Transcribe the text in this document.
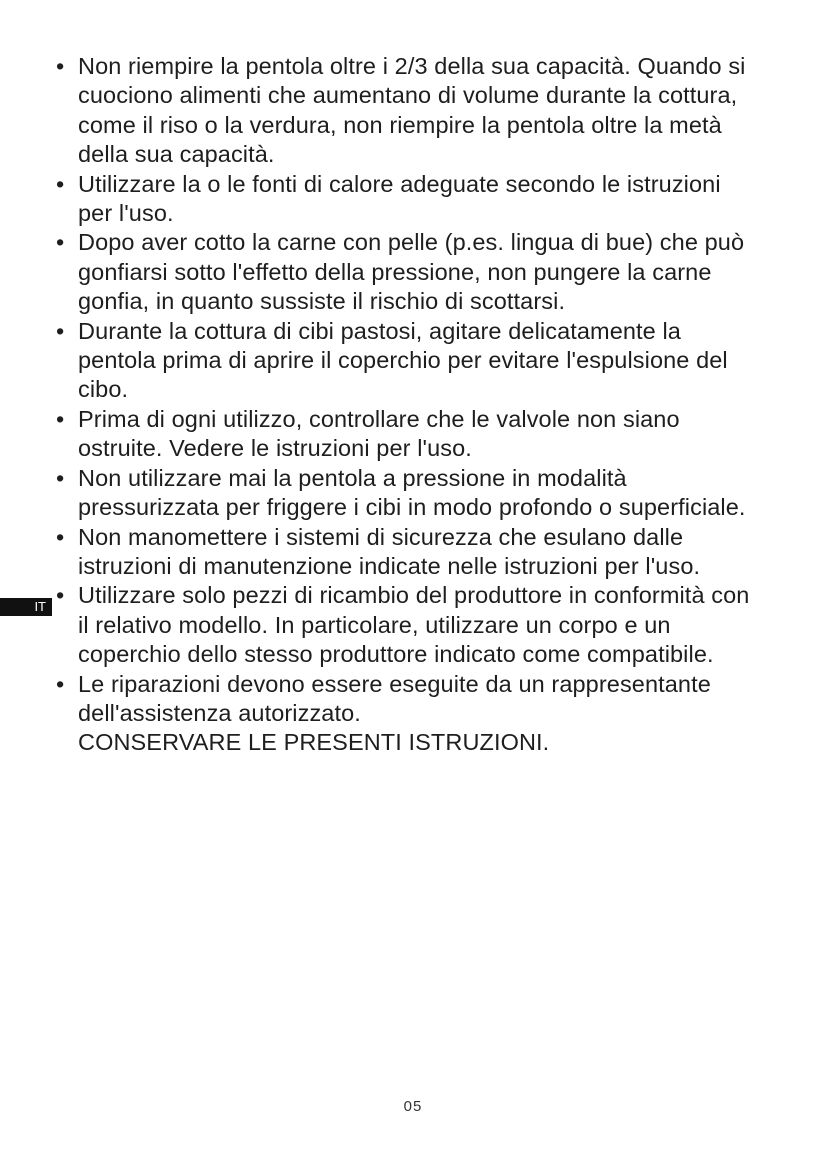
IT
• Non riempire la pentola oltre i 2/3 della sua capacità. Quando si cuociono alimenti che aumentano di volume durante la cottura, come il riso o la verdura, non riempire la pentola oltre la metà della sua capacità.
• Utilizzare la o le fonti di calore adeguate secondo le istruzioni per l'uso.
• Dopo aver cotto la carne con pelle (p.es. lingua di bue) che può gonfiarsi sotto l'effetto della pressione, non pungere la carne gonfia, in quanto sussiste il rischio di scottarsi.
• Durante la cottura di cibi pastosi, agitare delicatamente la pentola prima di aprire il coperchio per evitare l'espulsione del cibo.
• Prima di ogni utilizzo, controllare che le valvole non siano ostruite. Vedere le istruzioni per l'uso.
• Non utilizzare mai la pentola a pressione in modalità pressurizzata per friggere i cibi in modo profondo o superficiale.
• Non manomettere i sistemi di sicurezza che esulano dalle istruzioni di manutenzione indicate nelle istruzioni per l'uso.
• Utilizzare solo pezzi di ricambio del produttore in conformità con il relativo modello. In particolare, utilizzare un corpo e un coperchio dello stesso produttore indicato come compatibile.
• Le riparazioni devono essere eseguite da un rappresentante dell'assistenza autorizzato.
CONSERVARE LE PRESENTI ISTRUZIONI.
05
